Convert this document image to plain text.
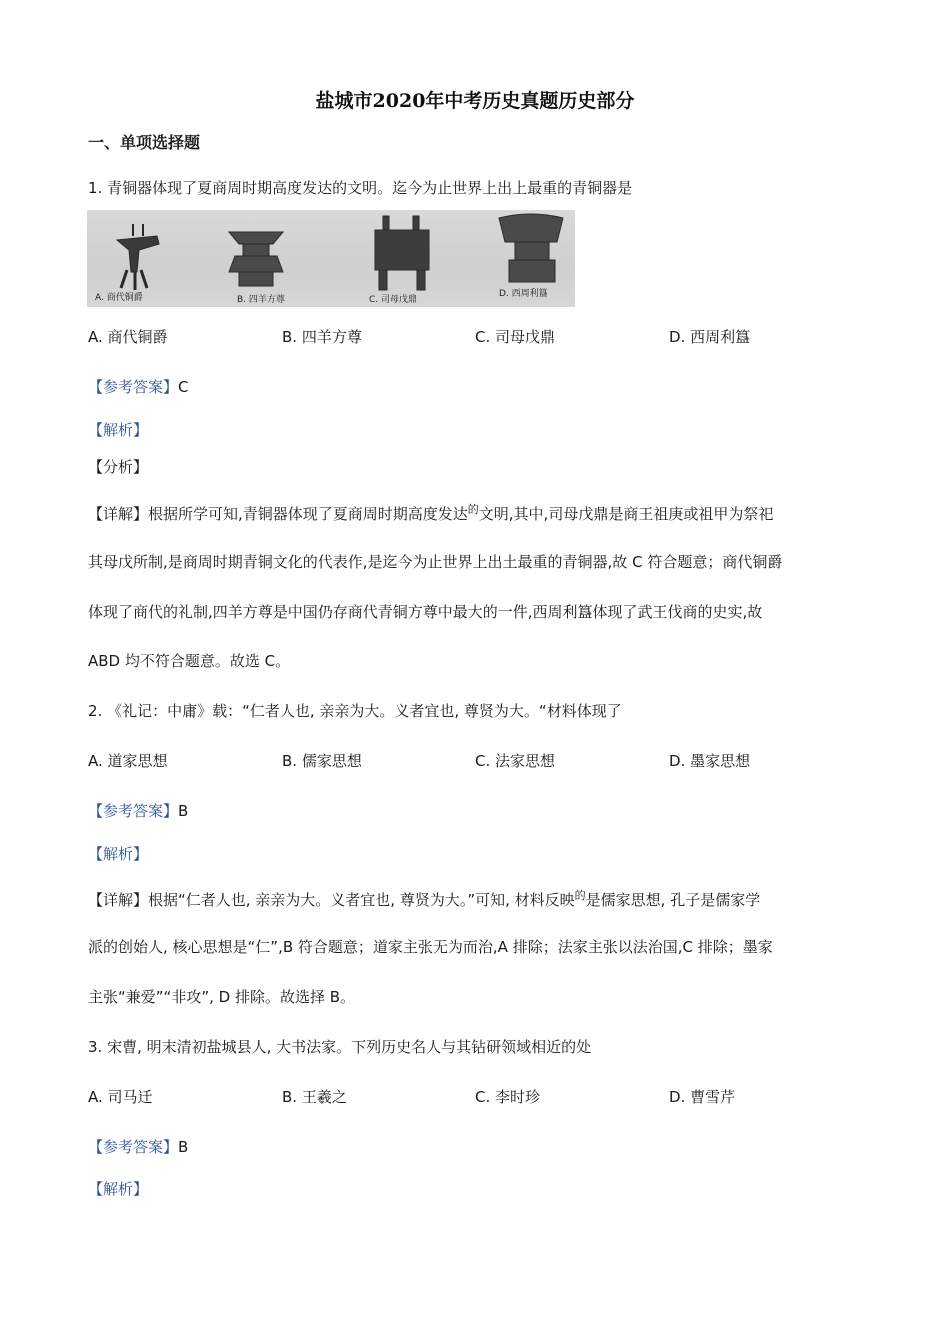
盐城市2020年中考历史真题历史部分
一、单项选择题
1. 青铜器体现了夏商周时期高度发达的文明。迄今为止世界上出上最重的青铜器是
A. 商代铜爵	B. 四羊方尊	C. 司母戊鼎
D. 西周利簋
A. 商代铜爵	B. 四羊方尊	C. 司母戊鼎	D. 西周利簋
【参考答案】C
【解析】
【分析】
【详解】根据所学可知,青铜器体现了夏商周时期高度发达$^的$文明,其中,司母戊鼎是商王祖庚或祖甲为祭祀
其母戊所制,是商周时期青铜文化的代表作,是迄今为止世界上出土最重的青铜器,故 C 符合题意；商代铜爵
体现了商代的礼制,四羊方尊是中国仍存商代青铜方尊中最大的一件,西周利簋体现了武王伐商的史实,故
ABD 均不符合题意。故选 C。
2. 《礼记：中庸》载：“仁者人也, 亲亲为大。义者宜也, 尊贤为大。“材料体现了
A. 道家思想	B. 儒家思想	C. 法家思想	D. 墨家思想
【参考答案】B
【解析】
【详解】根据“仁者人也, 亲亲为大。义者宜也, 尊贤为大。”可知, 材料反映$^的$是儒家思想, 孔子是儒家学
派的创始人, 核心思想是“仁”,B 符合题意；道家主张无为而治,A 排除；法家主张以法治国,C 排除；墨家
主张“兼爱”“非攻”, D 排除。故选择 B。
3. 宋曹, 明末清初盐城县人, 大书法家。下列历史名人与其钻研领域相近的处
A. 司马迁	B. 王羲之	C. 李时珍	D. 曹雪芹
【参考答案】B
【解析】
